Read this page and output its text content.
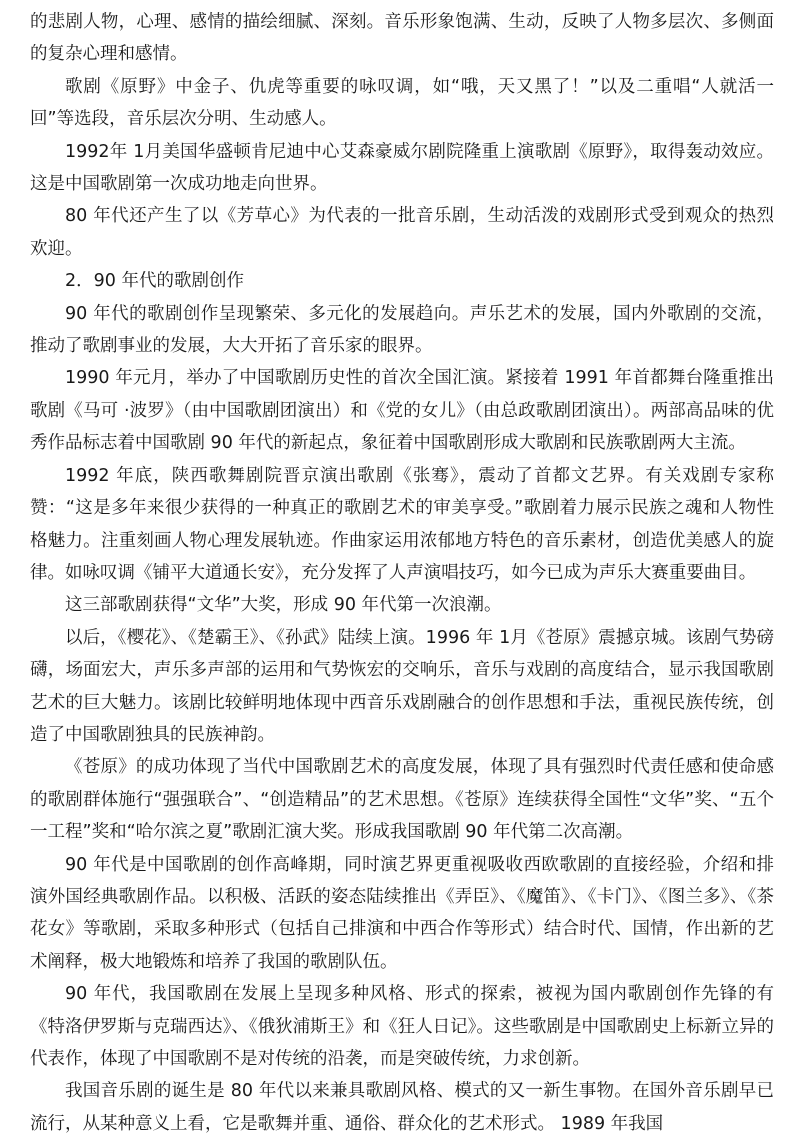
的悲剧人物，心理、感情的描绘细腻、深刻。音乐形象饱满、生动，反映了人物多层次、多侧面的复杂心理和感情。

歌剧《原野》中金子、仇虎等重要的咏叹调，如“哦，天又黑了！”以及二重唱“人就活一回”等选段，音乐层次分明、生动感人。

1992年 1月美国华盛顿肯尼迪中心艾森豪威尔剧院隆重上演歌剧《原野》，取得轰动效应。这是中国歌剧第一次成功地走向世界。

80 年代还产生了以《芳草心》为代表的一批音乐剧，生动活泼的戏剧形式受到观众的热烈欢迎。

2．90 年代的歌剧创作

90 年代的歌剧创作呈现繁荣、多元化的发展趋向。声乐艺术的发展，国内外歌剧的交流，推动了歌剧事业的发展，大大开拓了音乐家的眼界。

1990 年元月，举办了中国歌剧历史性的首次全国汇演。紧接着 1991 年首都舞台隆重推出歌剧《马可 ·波罗》（由中国歌剧团演出）和《党的女儿》（由总政歌剧团演出）。两部高品味的优秀作品标志着中国歌剧 90 年代的新起点，象征着中国歌剧形成大歌剧和民族歌剧两大主流。

1992 年底，陕西歌舞剧院晋京演出歌剧《张骞》，震动了首都文艺界。有关戏剧专家称赞：“这是多年来很少获得的一种真正的歌剧艺术的审美享受。”歌剧着力展示民族之魂和人物性格魅力。注重刻画人物心理发展轨迹。作曲家运用浓郁地方特色的音乐素材，创造优美感人的旋律。如咏叹调《铺平大道通长安》，充分发挥了人声演唱技巧，如今已成为声乐大赛重要曲目。

这三部歌剧获得“文华”大奖，形成 90 年代第一次浪潮。

以后，《樱花》、《楚霸王》、《孙武》陆续上演。1996 年 1月《苍原》震撼京城。该剧气势磅礴，场面宏大，声乐多声部的运用和气势恢宏的交响乐，音乐与戏剧的高度结合，显示我国歌剧艺术的巨大魅力。该剧比较鲜明地体现中西音乐戏剧融合的创作思想和手法，重视民族传统，创造了中国歌剧独具的民族神韵。

《苍原》的成功体现了当代中国歌剧艺术的高度发展，体现了具有强烈时代责任感和使命感的歌剧群体施行“强强联合”、“创造精品”的艺术思想。《苍原》连续获得全国性“文华”奖、“五个一工程”奖和“哈尔滨之夏”歌剧汇演大奖。形成我国歌剧 90 年代第二次高潮。

90 年代是中国歌剧的创作高峰期，同时演艺界更重视吸收西欧歌剧的直接经验，介绍和排演外国经典歌剧作品。以积极、活跃的姿态陆续推出《弄臣》、《魔笛》、《卡门》、《图兰多》、《茶花女》等歌剧，采取多种形式（包括自己排演和中西合作等形式）结合时代、国情，作出新的艺术阐释，极大地锻炼和培养了我国的歌剧队伍。

90 年代，我国歌剧在发展上呈现多种风格、形式的探索，被视为国内歌剧创作先锋的有《特洛伊罗斯与克瑞西达》、《俄狄浦斯王》和《狂人日记》。这些歌剧是中国歌剧史上标新立异的代表作，体现了中国歌剧不是对传统的沿袭，而是突破传统，力求创新。

我国音乐剧的诞生是 80 年代以来兼具歌剧风格、模式的又一新生事物。在国外音乐剧早已流行，从某种意义上看，它是歌舞并重、通俗、群众化的艺术形式。 1989 年我国
